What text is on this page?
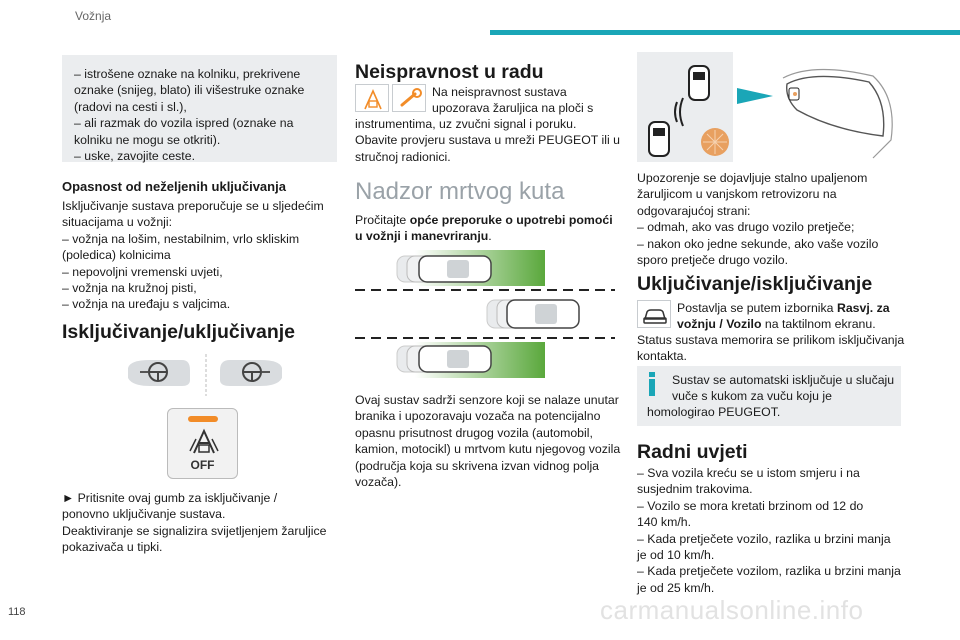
Vožnja
118	carmanualsonline.info
– istrošene oznake na kolniku, prekrivene
oznake (snijeg, blato) ili višestruke oznake
(radovi na cesti i sl.),
– ali razmak do vozila ispred (oznake na
kolniku ne mogu se otkriti).
– uske, zavojite ceste.
Opasnost od neželjenih uključivanja
Isključivanje sustava preporučuje se u sljedećim
situacijama u vožnji:
– vožnja na lošim, nestabilnim, vrlo skliskim
(poledica) kolnicima
– nepovoljni vremenski uvjeti,
– vožnja na kružnoj pisti,
– vožnja na uređaju s valjcima.
Isključivanje/uključivanje
OFF
► Pritisnite ovaj gumb za isključivanje /
ponovno uključivanje sustava.
Deaktiviranje se signalizira svijetljenjem žaruljice
pokazivača u tipki.
Neispravnost u radu
Na neispravnost sustava
upozorava žaruljica na ploči s
instrumentima, uz zvučni signal i poruku.
Obavite provjeru sustava u mreži PEUGEOT ili u
stručnoj radionici.
Nadzor mrtvog kuta
Pročitajte opće preporuke o upotrebi pomoći
u vožnji i manevriranju.
Ovaj sustav sadrži senzore koji se nalaze unutar
branika i upozoravaju vozača na potencijalno
opasnu prisutnost drugog vozila (automobil,
kamion, motocikl) u mrtvom kutu njegovog vozila
(područja koja su skrivena izvan vidnog polja
vozača).
Upozorenje se dojavljuje stalno upaljenom
žaruljicom u vanjskom retrovizoru na
odgovarajućoj strani:
– odmah, ako vas drugo vozilo pretječe;
– nakon oko jedne sekunde, ako vaše vozilo
sporo pretječe drugo vozilo.
Uključivanje/isključivanje
Postavlja se putem izbornika Rasvj. za
vožnju / Vozilo na taktilnom ekranu.
Status sustava memorira se prilikom isključivanja
kontakta.
Sustav se automatski isključuje u slučaju
vuče s kukom za vuču koju je
homologirao PEUGEOT.
Radni uvjeti
– Sva vozila kreću se u istom smjeru i na
susjednim trakovima.
– Vozilo se mora kretati brzinom od 12 do
140 km/h.
– Kada pretječete vozilo, razlika u brzini manja
je od 10 km/h.
– Kada pretječete vozilom, razlika u brzini manja
je od 25 km/h.
